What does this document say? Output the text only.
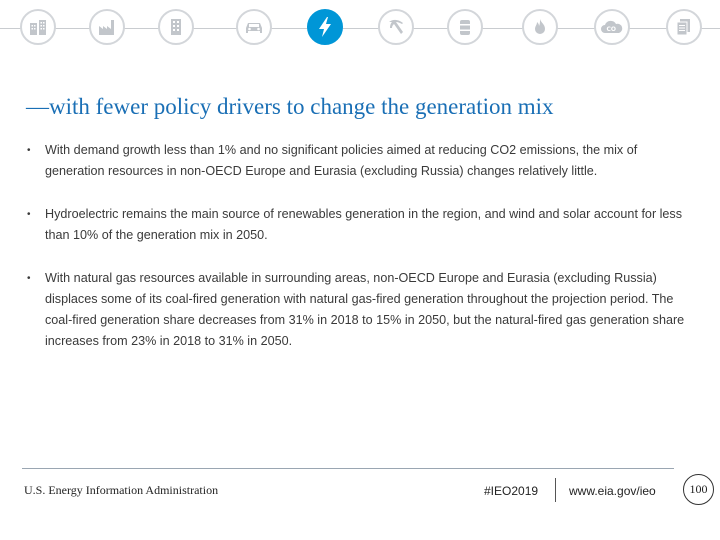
CO
—with fewer policy drivers to change the generation mix
• With demand growth less than 1% and no significant policies aimed at reducing CO2 emissions, the mix of generation resources in non-OECD Europe and Eurasia (excluding Russia) changes relatively little.
• Hydroelectric remains the main source of renewables generation in the region, and wind and solar account for less than 10% of the generation mix in 2050.
• With natural gas resources available in surrounding areas, non-OECD Europe and Eurasia (excluding Russia) displaces some of its coal-fired generation with natural gas-fired generation throughout the projection period. The coal-fired generation share decreases from 31% in 2018 to 15% in 2050, but the natural-fired gas generation share increases from 23% in 2018 to 31% in 2050.
U.S. Energy Information Administration	#IEO2019	www.eia.gov/ieo	100
